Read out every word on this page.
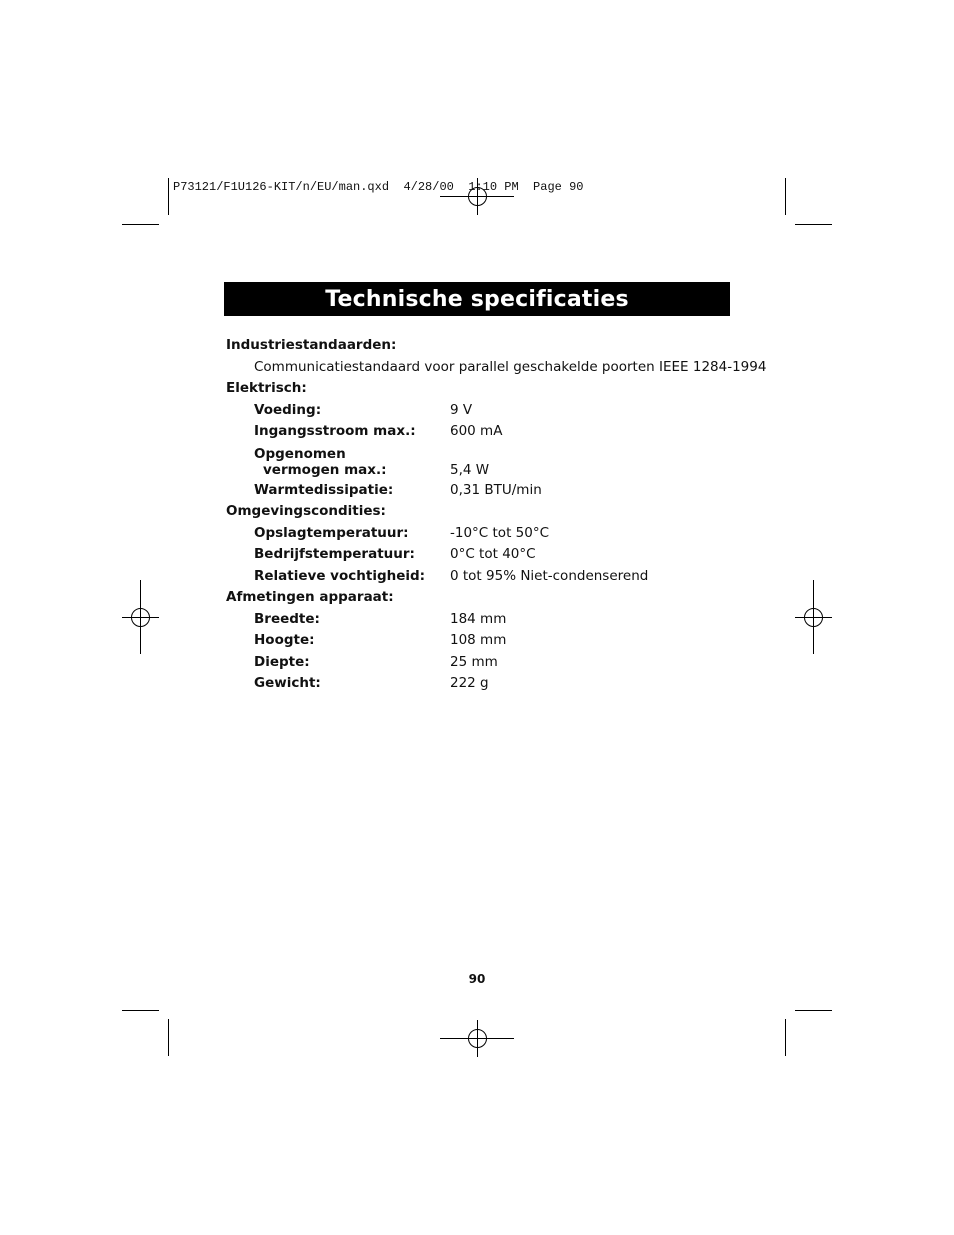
P73121/F1U126-KIT/n/EU/man.qxd  4/28/00  1:10 PM  Page 90
Technische specificaties
Industriestandaarden:
Communicatiestandaard voor parallel geschakelde poorten IEEE 1284-1994
Elektrisch:
Voeding:	9 V
Ingangsstroom max.:	600 mA
Opgenomen
vermogen max.:	5,4 W
Warmtedissipatie:	0,31 BTU/min
Omgevingscondities:
Opslagtemperatuur:	-10°C tot 50°C
Bedrijfstemperatuur:	0°C tot 40°C
Relatieve vochtigheid: 0 tot 95% Niet-condenserend
Afmetingen apparaat:
Breedte:	184 mm
Hoogte:	108 mm
Diepte:	25 mm
Gewicht:	222 g
90
